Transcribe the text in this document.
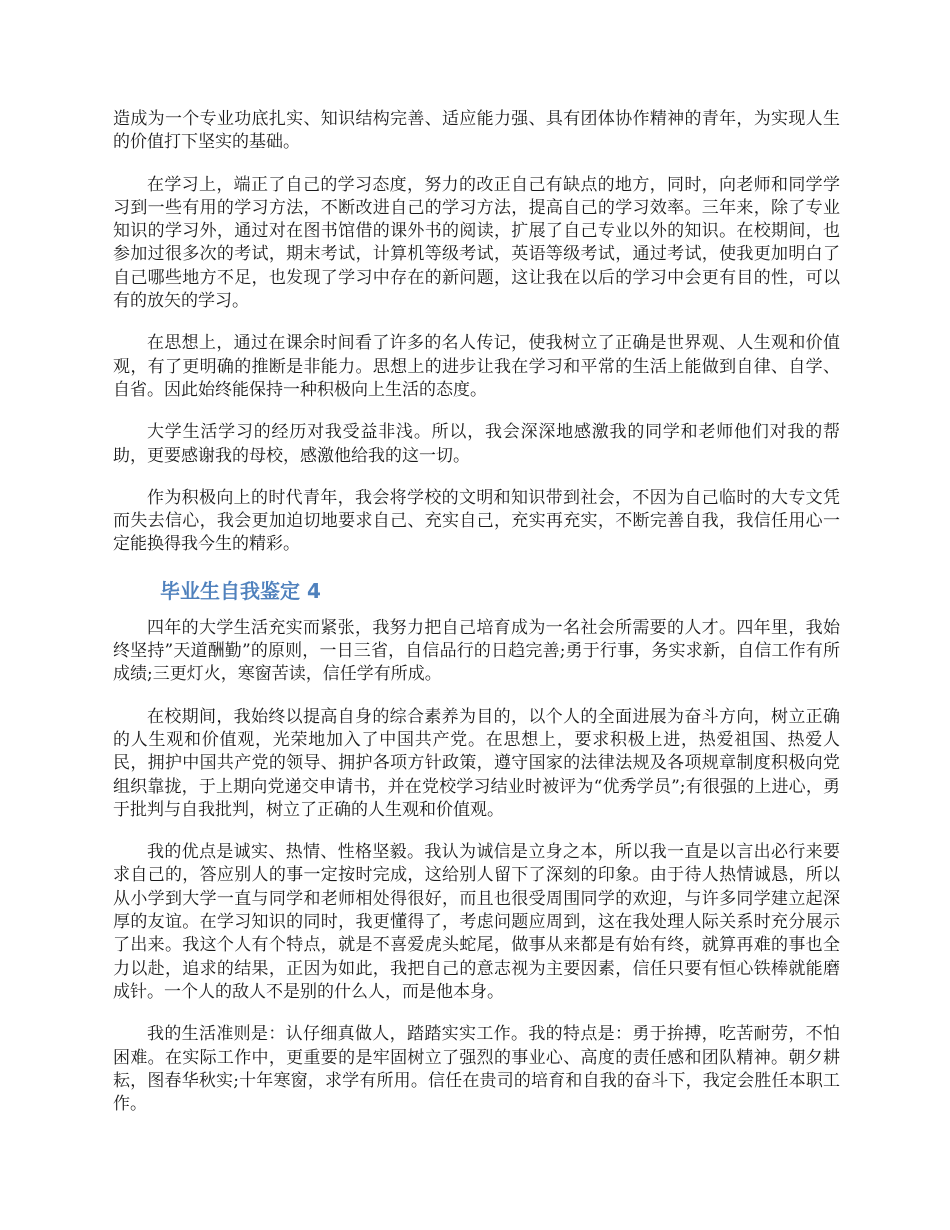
造成为一个专业功底扎实、知识结构完善、适应能力强、具有团体协作精神的青年，为实现人生的价值打下坚实的基础。

在学习上，端正了自己的学习态度，努力的改正自己有缺点的地方，同时，向老师和同学学习到一些有用的学习方法，不断改进自己的学习方法，提高自己的学习效率。三年来，除了专业知识的学习外，通过对在图书馆借的课外书的阅读，扩展了自己专业以外的知识。在校期间，也参加过很多次的考试，期末考试，计算机等级考试，英语等级考试，通过考试，使我更加明白了自己哪些地方不足，也发现了学习中存在的新问题，这让我在以后的学习中会更有目的性，可以有的放矢的学习。

在思想上，通过在课余时间看了许多的名人传记，使我树立了正确是世界观、人生观和价值观，有了更明确的推断是非能力。思想上的进步让我在学习和平常的生活上能做到自律、自学、自省。因此始终能保持一种积极向上生活的态度。

大学生活学习的经历对我受益非浅。所以，我会深深地感激我的同学和老师他们对我的帮助，更要感谢我的母校，感激他给我的这一切。

作为积极向上的时代青年，我会将学校的文明和知识带到社会，不因为自己临时的大专文凭而失去信心，我会更加迫切地要求自己、充实自己，充实再充实，不断完善自我，我信任用心一定能换得我今生的精彩。

毕业生自我鉴定 4

四年的大学生活充实而紧张，我努力把自己培育成为一名社会所需要的人才。四年里，我始终坚持”天道酬勤”的原则，一日三省，自信品行的日趋完善;勇于行事，务实求新，自信工作有所成绩;三更灯火，寒窗苦读，信任学有所成。

在校期间，我始终以提高自身的综合素养为目的，以个人的全面进展为奋斗方向，树立正确的人生观和价值观，光荣地加入了中国共产党。在思想上，要求积极上进，热爱祖国、热爱人民，拥护中国共产党的领导、拥护各项方针政策，遵守国家的法律法规及各项规章制度积极向党组织靠拢，于上期向党递交申请书，并在党校学习结业时被评为“优秀学员”;有很强的上进心，勇于批判与自我批判，树立了正确的人生观和价值观。

我的优点是诚实、热情、性格坚毅。我认为诚信是立身之本，所以我一直是以言出必行来要求自己的，答应别人的事一定按时完成，这给别人留下了深刻的印象。由于待人热情诚恳，所以从小学到大学一直与同学和老师相处得很好，而且也很受周围同学的欢迎，与许多同学建立起深厚的友谊。在学习知识的同时，我更懂得了，考虑问题应周到，这在我处理人际关系时充分展示了出来。我这个人有个特点，就是不喜爱虎头蛇尾，做事从来都是有始有终，就算再难的事也全力以赴，追求的结果，正因为如此，我把自己的意志视为主要因素，信任只要有恒心铁棒就能磨成针。一个人的敌人不是别的什么人，而是他本身。

我的生活准则是：认仔细真做人，踏踏实实工作。我的特点是：勇于拚搏，吃苦耐劳，不怕困难。在实际工作中，更重要的是牢固树立了强烈的事业心、高度的责任感和团队精神。朝夕耕耘，图春华秋实;十年寒窗，求学有所用。信任在贵司的培育和自我的奋斗下，我定会胜任本职工作。
